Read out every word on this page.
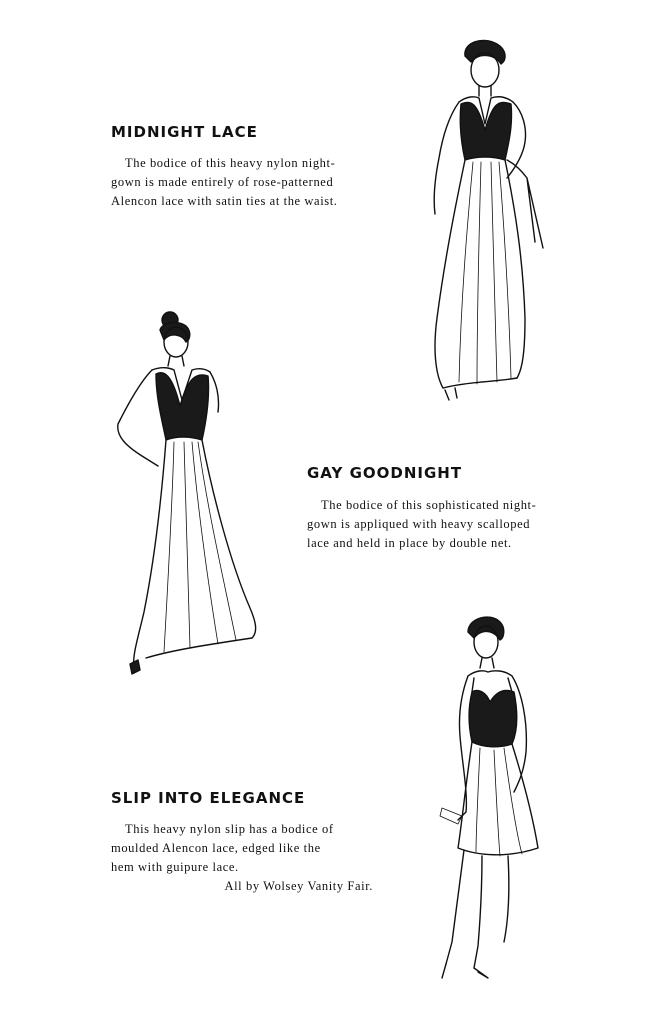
MIDNIGHT LACE

The bodice of this heavy nylon night-
gown is made entirely of rose-patterned
Alencon lace with satin ties at the waist.

GAY GOODNIGHT

The bodice of this sophisticated night-
gown is appliqued with heavy scalloped
lace and held in place by double net.

SLIP INTO ELEGANCE

This heavy nylon slip has a bodice of
moulded Alencon lace, edged like the
hem with guipure lace.
All by Wolsey Vanity Fair.
